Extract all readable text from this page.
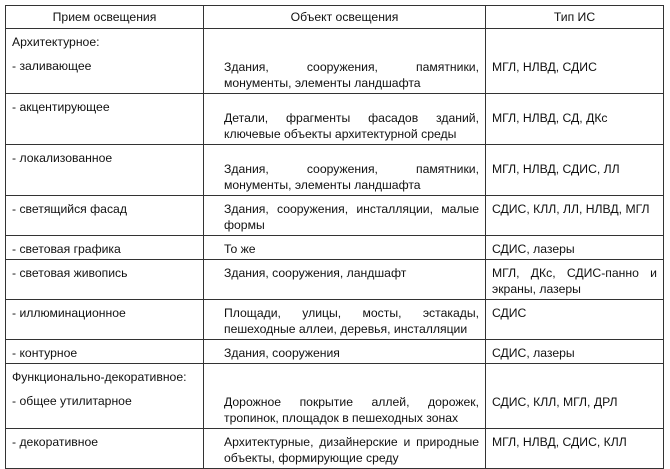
Прием освещения	Объект освещения	Тип ИС

Архитектурное:
- заливающее	Здания, сооружения, памятники, монументы, элементы ландшафта	МГЛ, НЛВД, СДИС
- акцентирующее	Детали, фрагменты фасадов зданий, ключевые объекты архитектурной среды	МГЛ, НЛВД, СД, ДКс
- локализованное	Здания, сооружения, памятники, монументы, элементы ландшафта	МГЛ, НЛВД, СДИС, ЛЛ
- светящийся фасад	Здания, сооружения, инсталляции, малые формы	СДИС, КЛЛ, ЛЛ, НЛВД, МГЛ
- световая графика	То же	СДИС, лазеры
- световая живопись	Здания, сооружения, ландшафт	МГЛ, ДКс, СДИС-панно и экраны, лазеры
- иллюминационное	Площади, улицы, мосты, эстакады, пешеходные аллеи, деревья, инсталляции	СДИС
- контурное	Здания, сооружения	СДИС, лазеры

Функционально-декоративное:
- общее утилитарное	Дорожное покрытие аллей, дорожек, тропинок, площадок в пешеходных зонах	СДИС, КЛЛ, МГЛ, ДРЛ
- декоративное	Архитектурные, дизайнерские и природные объекты, формирующие среду	МГЛ, НЛВД, СДИС, КЛЛ
